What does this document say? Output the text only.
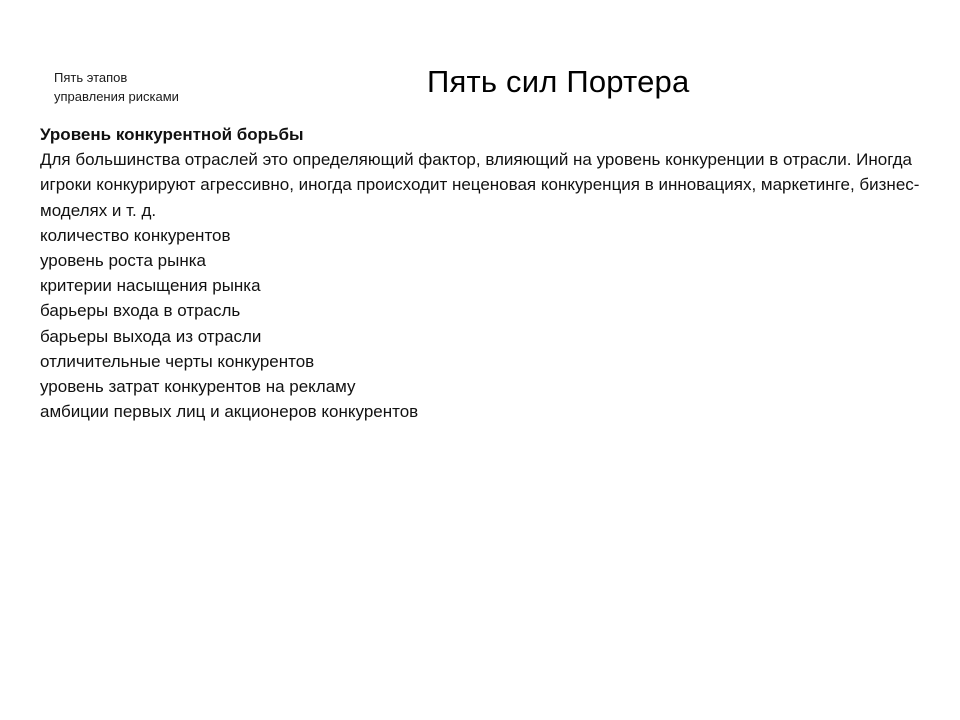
Пять этапов
управления рисками	Пять сил Портера
Уровень конкурентной борьбы

Для большинства отраслей это определяющий фактор, влияющий на уровень конкуренции в отрасли. Иногда игроки конкурируют агрессивно, иногда происходит неценовая конкуренция в инновациях, маркетинге, бизнес-моделях и т. д.

количество конкурентов
уровень роста рынка
критерии насыщения рынка
барьеры входа в отрасль
барьеры выхода из отрасли
отличительные черты конкурентов
уровень затрат конкурентов на рекламу
амбиции первых лиц и акционеров конкурентов
